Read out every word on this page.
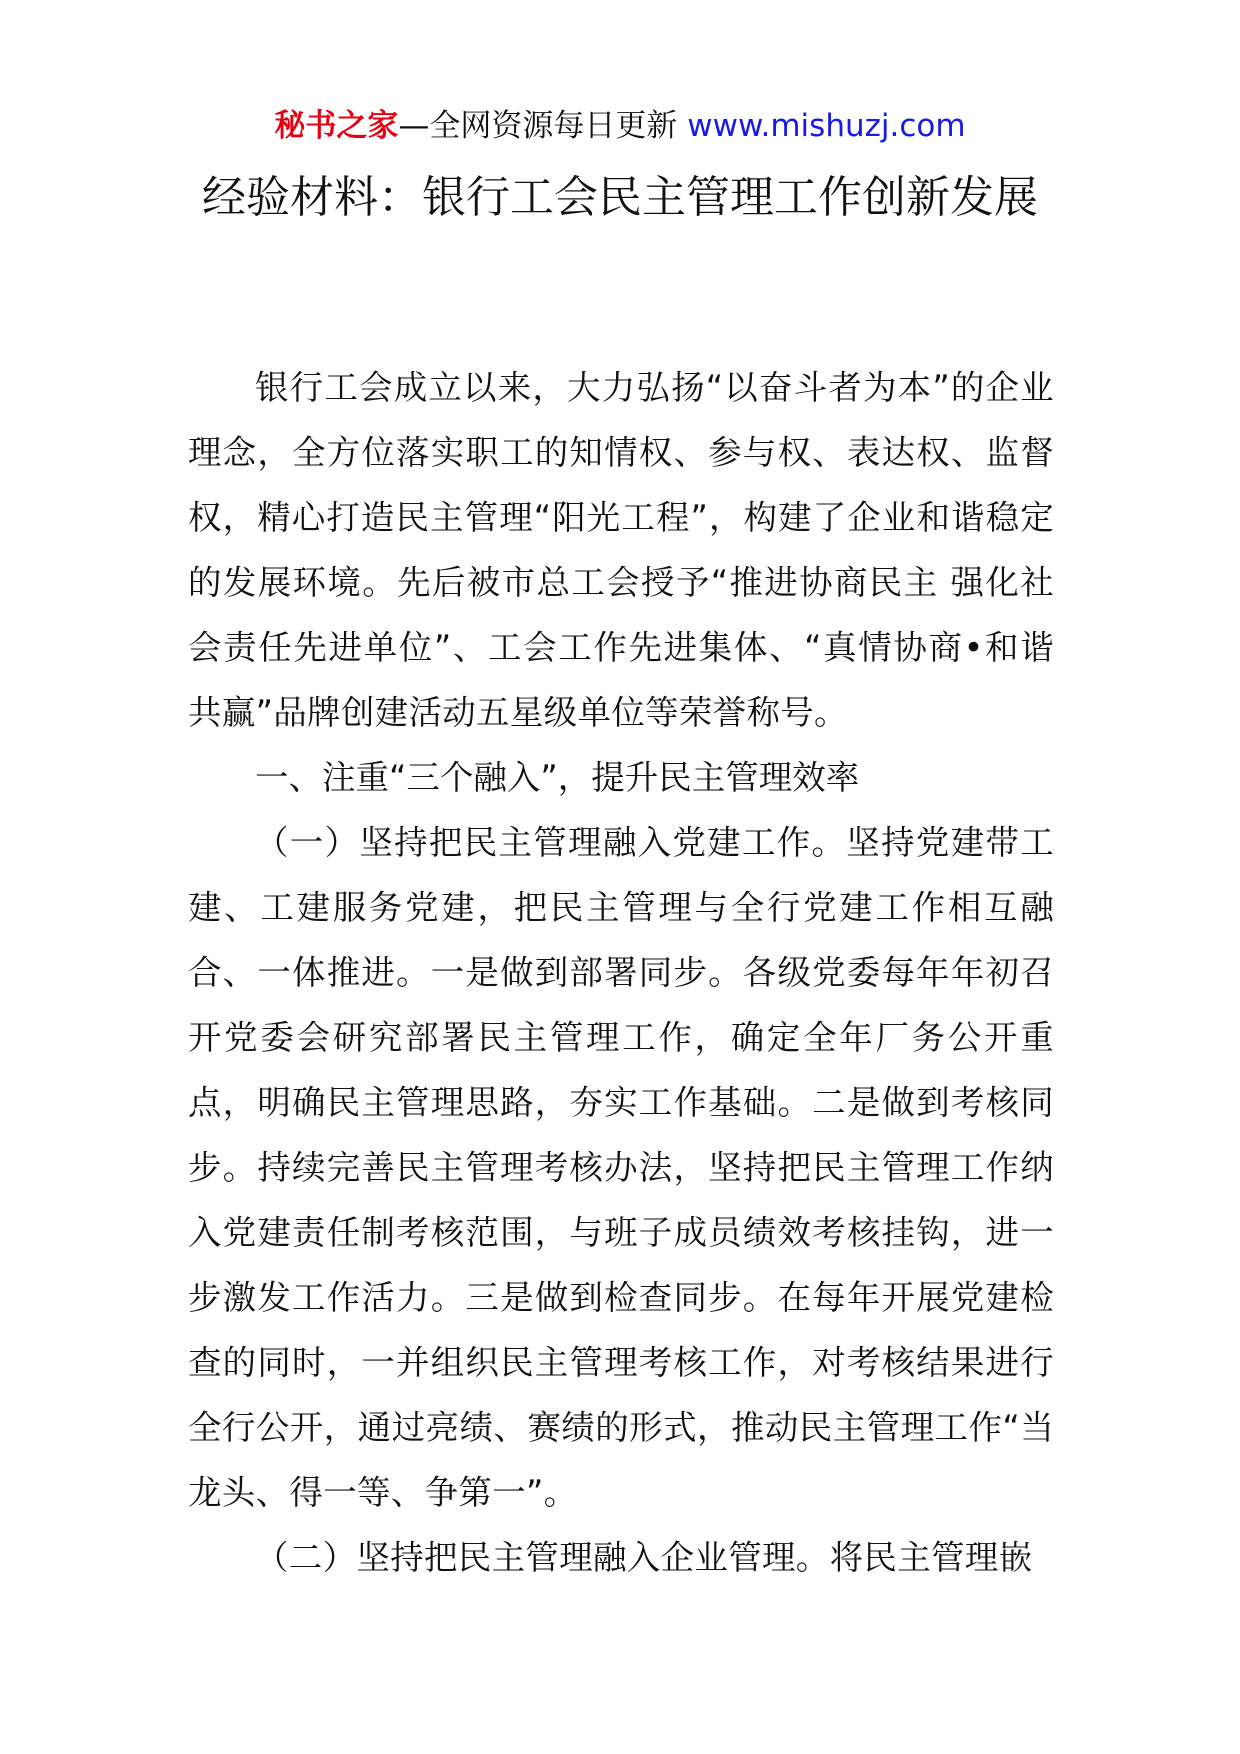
秘书之家—全网资源每日更新 www.mishuzj.com
经验材料：银行工会民主管理工作创新发展

银行工会成立以来，大力弘扬“以奋斗者为本”的企业理念，全方位落实职工的知情权、参与权、表达权、监督权，精心打造民主管理“阳光工程”，构建了企业和谐稳定的发展环境。先后被市总工会授予“推进协商民主 强化社会责任先进单位”、工会工作先进集体、“真情协商•和谐共赢”品牌创建活动五星级单位等荣誉称号。

一、注重“三个融入”，提升民主管理效率

（一）坚持把民主管理融入党建工作。坚持党建带工建、工建服务党建，把民主管理与全行党建工作相互融合、一体推进。一是做到部署同步。各级党委每年年初召开党委会研究部署民主管理工作，确定全年厂务公开重点，明确民主管理思路，夯实工作基础。二是做到考核同步。持续完善民主管理考核办法，坚持把民主管理工作纳入党建责任制考核范围，与班子成员绩效考核挂钩，进一步激发工作活力。三是做到检查同步。在每年开展党建检查的同时，一并组织民主管理考核工作，对考核结果进行全行公开，通过亮绩、赛绩的形式，推动民主管理工作“当龙头、得一等、争第一”。

（二）坚持把民主管理融入企业管理。将民主管理嵌
